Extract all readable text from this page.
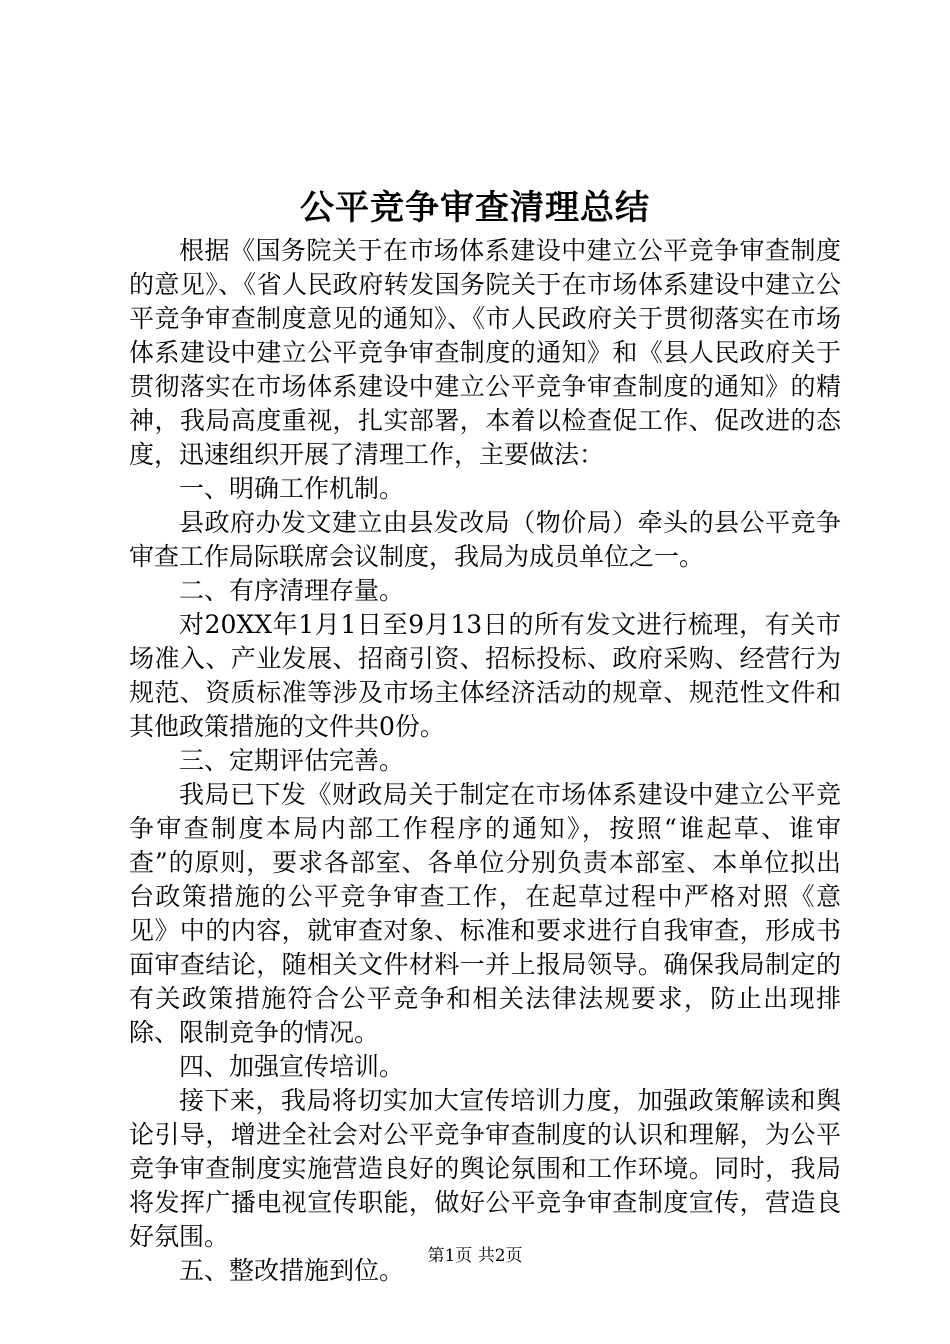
公平竞争审查清理总结

根据《国务院关于在市场体系建设中建立公平竞争审查制度的意见》、《省人民政府转发国务院关于在市场体系建设中建立公平竞争审查制度意见的通知》、《市人民政府关于贯彻落实在市场体系建设中建立公平竞争审查制度的通知》和《县人民政府关于贯彻落实在市场体系建设中建立公平竞争审查制度的通知》的精神，我局高度重视，扎实部署，本着以检查促工作、促改进的态度，迅速组织开展了清理工作，主要做法：

一、明确工作机制。

县政府办发文建立由县发改局（物价局）牵头的县公平竞争审查工作局际联席会议制度，我局为成员单位之一。

二、有序清理存量。

对20XX年1月1日至9月13日的所有发文进行梳理，有关市场准入、产业发展、招商引资、招标投标、政府采购、经营行为规范、资质标准等涉及市场主体经济活动的规章、规范性文件和其他政策措施的文件共0份。

三、定期评估完善。

我局已下发《财政局关于制定在市场体系建设中建立公平竞争审查制度本局内部工作程序的通知》，按照“谁起草、谁审查”的原则，要求各部室、各单位分别负责本部室、本单位拟出台政策措施的公平竞争审查工作，在起草过程中严格对照《意见》中的内容，就审查对象、标准和要求进行自我审查，形成书面审查结论，随相关文件材料一并上报局领导。确保我局制定的有关政策措施符合公平竞争和相关法律法规要求，防止出现排除、限制竞争的情况。

四、加强宣传培训。

接下来，我局将切实加大宣传培训力度，加强政策解读和舆论引导，增进全社会对公平竞争审查制度的认识和理解，为公平竞争审查制度实施营造良好的舆论氛围和工作环境。同时，我局将发挥广播电视宣传职能，做好公平竞争审查制度宣传，营造良好氛围。

五、整改措施到位。	第1页 共2页
